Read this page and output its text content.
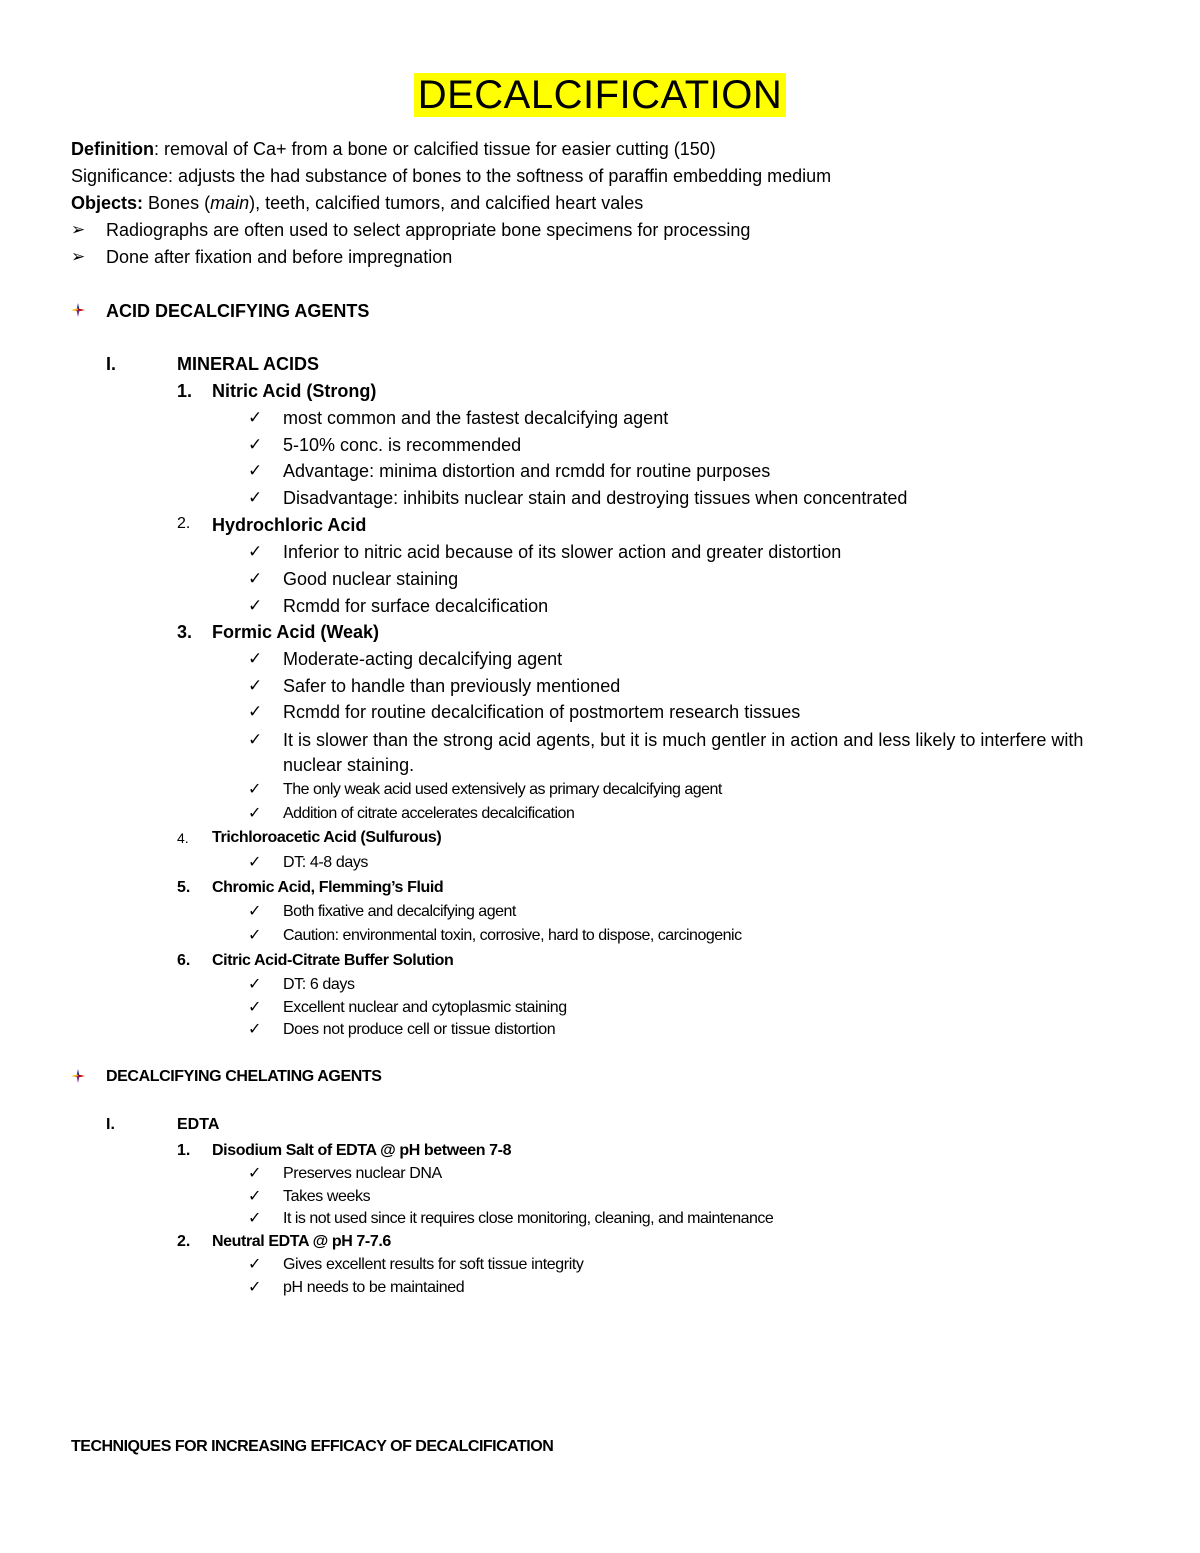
DECALCIFICATION
Definition: removal of Ca+ from a bone or calcified tissue for easier cutting (150)
Significance: adjusts the had substance of bones to the softness of paraffin embedding medium
Objects: Bones (main), teeth, calcified tumors, and calcified heart vales
➢ Radiographs are often used to select appropriate bone specimens for processing
➢ Done after fixation and before impregnation
ACID DECALCIFYING AGENTS
I.	MINERAL ACIDS
1. Nitric Acid (Strong)
✓ most common and the fastest decalcifying agent
✓ 5-10% conc. is recommended
✓ Advantage: minima distortion and rcmdd for routine purposes
✓ Disadvantage: inhibits nuclear stain and destroying tissues when concentrated
2. Hydrochloric Acid
✓ Inferior to nitric acid because of its slower action and greater distortion
✓ Good nuclear staining
✓ Rcmdd for surface decalcification
3. Formic Acid (Weak)
✓ Moderate-acting decalcifying agent
✓ Safer to handle than previously mentioned
✓ Rcmdd for routine decalcification of postmortem research tissues
✓ It is slower than the strong acid agents, but it is much gentler in action and less likely to interfere with
nuclear staining.
✓ The only weak acid used extensively as primary decalcifying agent
✓ Addition of citrate accelerates decalcification
4. Trichloroacetic Acid (Sulfurous)
✓ DT: 4-8 days
5. Chromic Acid, Flemming’s Fluid
✓ Both fixative and decalcifying agent
✓ Caution: environmental toxin, corrosive, hard to dispose, carcinogenic
6. Citric Acid-Citrate Buffer Solution
✓ DT: 6 days
✓ Excellent nuclear and cytoplasmic staining
✓ Does not produce cell or tissue distortion
DECALCIFYING CHELATING AGENTS
I.	EDTA
1. Disodium Salt of EDTA @ pH between 7-8
✓ Preserves nuclear DNA
✓ Takes weeks
✓ It is not used since it requires close monitoring, cleaning, and maintenance
2. Neutral EDTA @ pH 7-7.6
✓ Gives excellent results for soft tissue integrity
✓ pH needs to be maintained
TECHNIQUES FOR INCREASING EFFICACY OF DECALCIFICATION
